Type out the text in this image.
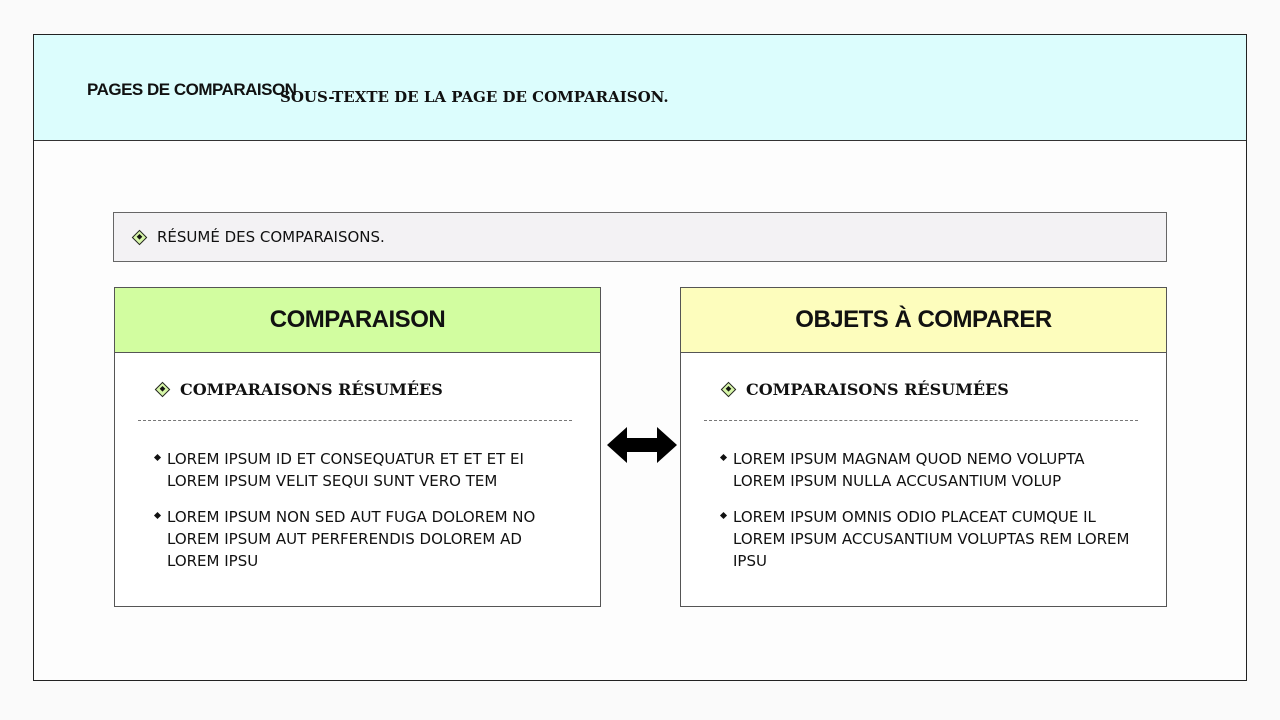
PAGES DE COMPARAISON
SOUS-TEXTE DE LA PAGE DE COMPARAISON.
RÉSUMÉ DES COMPARAISONS.
COMPARAISON
COMPARAISONS RÉSUMÉES
LOREM IPSUM ID ET CONSEQUATUR ET ET ET EI LOREM IPSUM VELIT SEQUI SUNT VERO TEM
LOREM IPSUM NON SED AUT FUGA DOLOREM NO LOREM IPSUM AUT PERFERENDIS DOLOREM AD LOREM IPSU
OBJETS À COMPARER
COMPARAISONS RÉSUMÉES
LOREM IPSUM MAGNAM QUOD NEMO VOLUPTA LOREM IPSUM NULLA ACCUSANTIUM VOLUP
LOREM IPSUM OMNIS ODIO PLACEAT CUMQUE IL LOREM IPSUM ACCUSANTIUM VOLUPTAS REM LOREM IPSU
